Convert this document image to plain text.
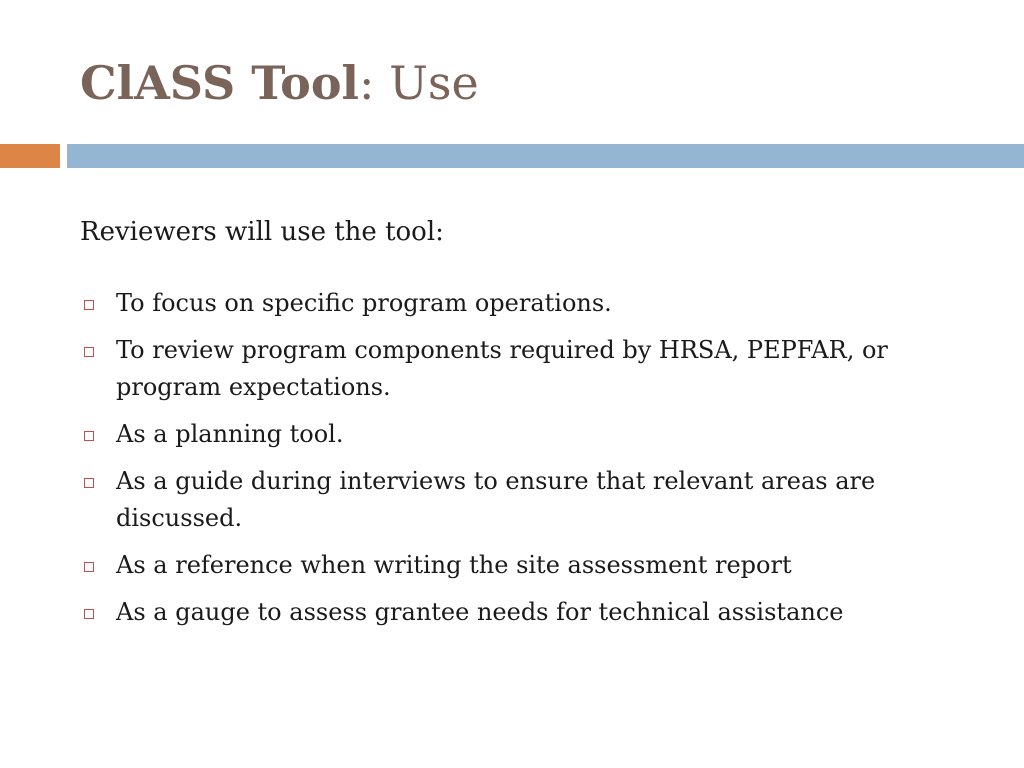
ClASS Tool: Use

Reviewers will use the tool:

To focus on specific program operations.
To review program components required by HRSA, PEPFAR, or program expectations.
As a planning tool.
As a guide during interviews to ensure that relevant areas are discussed.
As a reference when writing the site assessment report
As a gauge to assess grantee needs for technical assistance
